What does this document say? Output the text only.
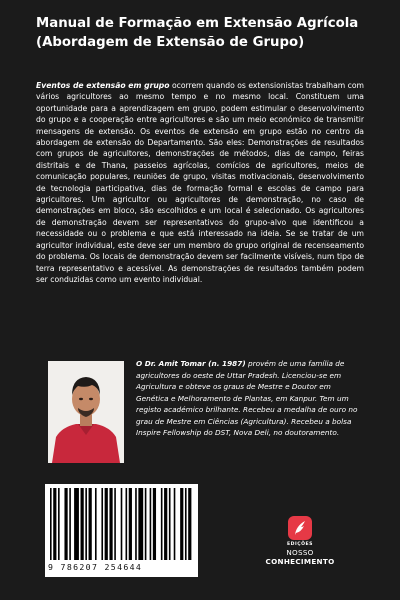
Manual de Formação em Extensão Agrícola (Abordagem de Extensão de Grupo)

Eventos de extensão em grupo ocorrem quando os extensionistas trabalham com vários agricultores ao mesmo tempo e no mesmo local. Constituem uma oportunidade para a aprendizagem em grupo, podem estimular o desenvolvimento do grupo e a cooperação entre agricultores e são um meio económico de transmitir mensagens de extensão. Os eventos de extensão em grupo estão no centro da abordagem de extensão do Departamento. São eles: Demonstrações de resultados com grupos de agricultores, demonstrações de métodos, dias de campo, feiras distritais e de Thana, passeios agrícolas, comícios de agricultores, meios de comunicação populares, reuniões de grupo, visitas motivacionais, desenvolvimento de tecnologia participativa, dias de formação formal e escolas de campo para agricultores. Um agricultor ou agricultores de demonstração, no caso de demonstrações em bloco, são escolhidos e um local é selecionado. Os agricultores de demonstração devem ser representativos do grupo-alvo que identificou a necessidade ou o problema e que está interessado na ideia. Se se tratar de um agricultor individual, este deve ser um membro do grupo original de recenseamento do problema. Os locais de demonstração devem ser facilmente visíveis, num tipo de terra representativo e acessível. As demonstrações de resultados também podem ser conduzidas como um evento individual.

O Dr. Amit Tomar (n. 1987) provém de uma família de agricultores do oeste de Uttar Pradesh. Licenciou-se em Agricultura e obteve os graus de Mestre e Doutor em Genética e Melhoramento de Plantas, em Kanpur. Tem um registo académico brilhante. Recebeu a medalha de ouro no grau de Mestre em Ciências (Agricultura). Recebeu a bolsa Inspire Fellowship do DST, Nova Deli, no doutoramento.

9 786207 254644
EDIÇÕES
NOSSO CONHECIMENTO
